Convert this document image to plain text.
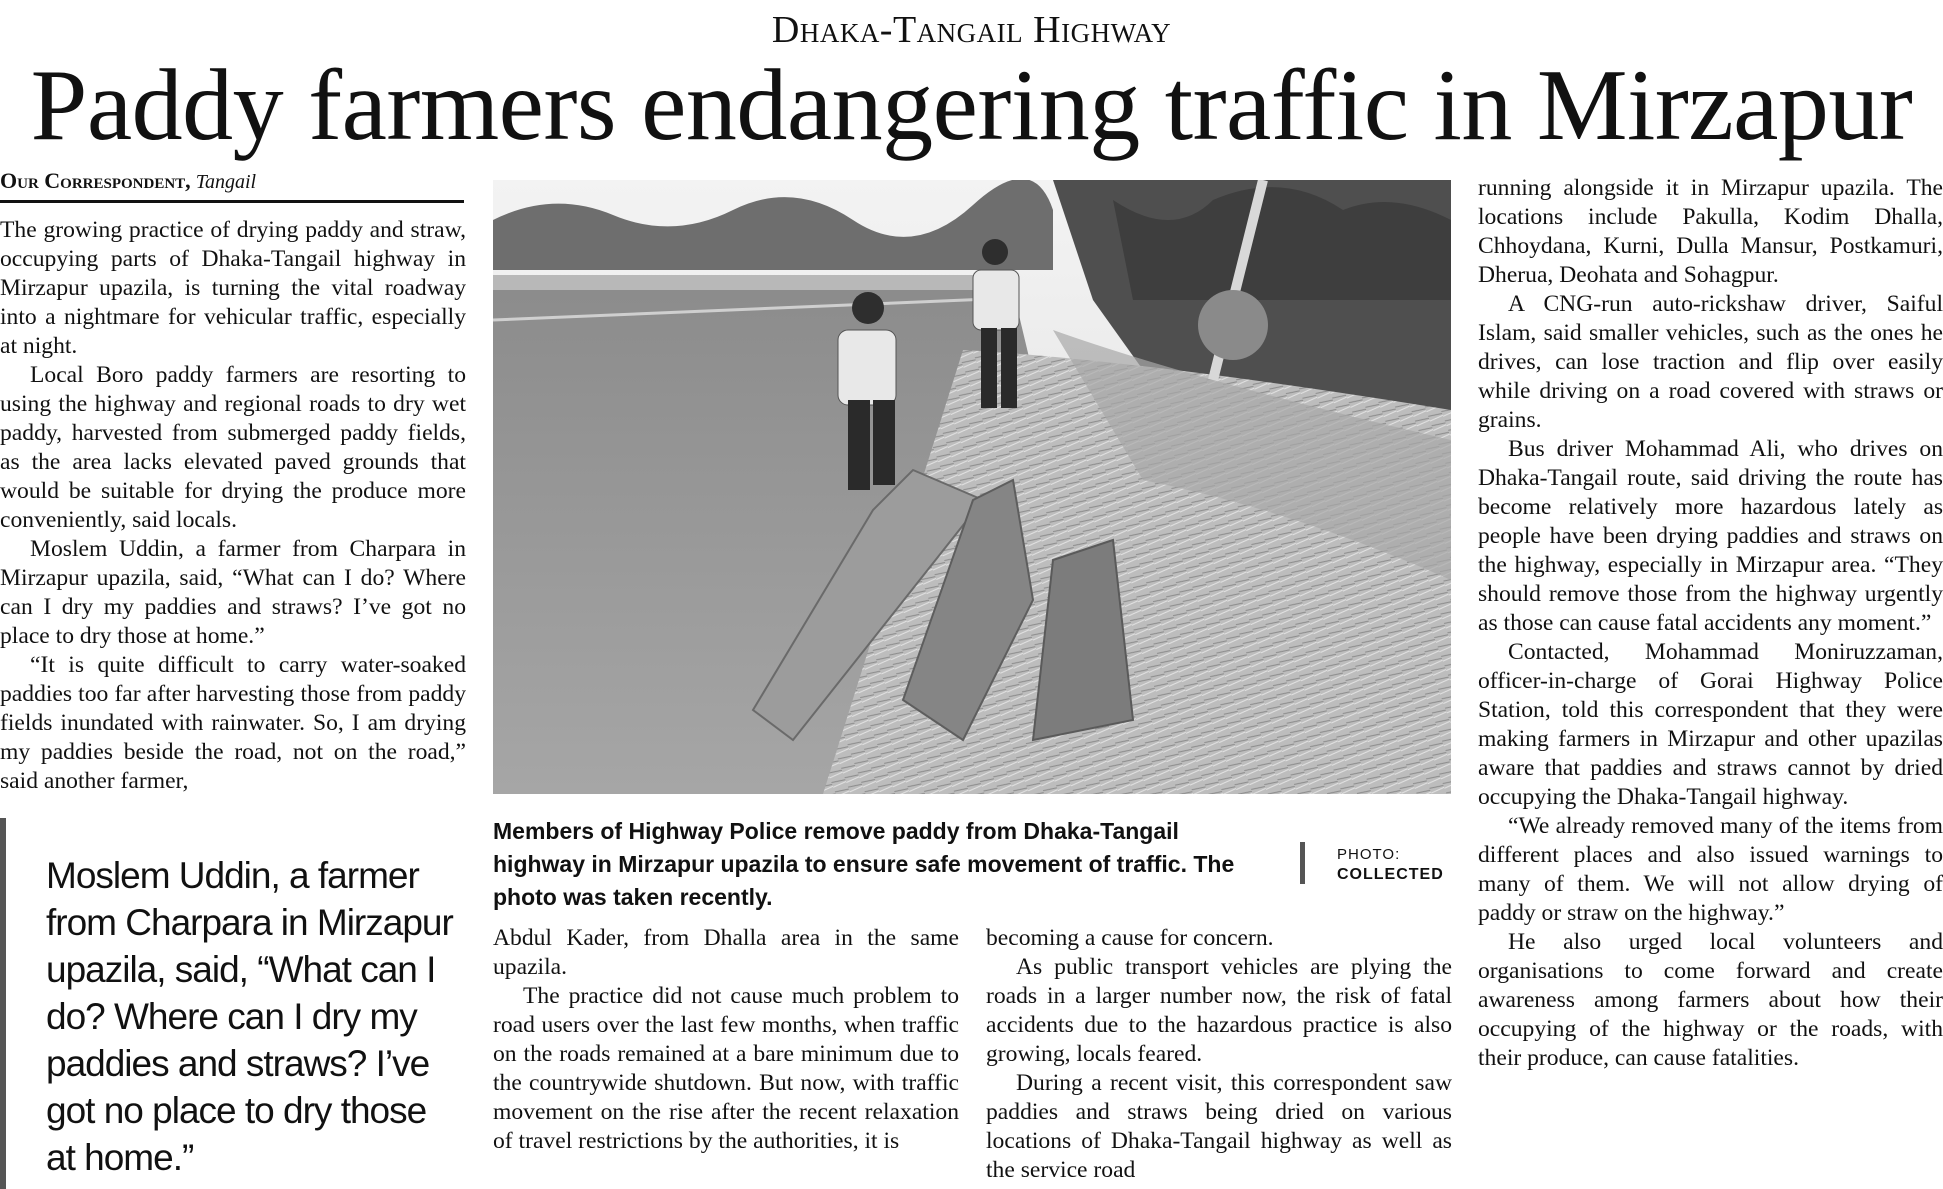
Dhaka-Tangail Highway
Paddy farmers endangering traffic in Mirzapur
Our Correspondent, Tangail

The growing practice of drying paddy and straw, occupying parts of Dhaka-Tangail highway in Mirzapur upazila, is turning the vital roadway into a nightmare for vehicular traffic, especially at night.

Local Boro paddy farmers are resorting to using the highway and regional roads to dry wet paddy, harvested from submerged paddy fields, as the area lacks elevated paved grounds that would be suitable for drying the produce more conveniently, said locals.

Moslem Uddin, a farmer from Charpara in Mirzapur upazila, said, “What can I do? Where can I dry my paddies and straws? I’ve got no place to dry those at home.”

“It is quite difficult to carry water-soaked paddies too far after harvesting those from paddy fields inundated with rainwater. So, I am drying my paddies beside the road, not on the road,” said another farmer,

Moslem Uddin, a farmer from Charpara in Mirzapur upazila, said, “What can I do? Where can I dry my paddies and straws? I’ve got no place to dry those at home.”
Members of Highway Police remove paddy from Dhaka-Tangail highway in Mirzapur upazila to ensure safe movement of traffic. The photo was taken recently.
PHOTO:
COLLECTED

Abdul Kader, from Dhalla area in the same upazila.

The practice did not cause much problem to road users over the last few months, when traffic on the roads remained at a bare minimum due to the countrywide shutdown. But now, with traffic movement on the rise after the recent relaxation of travel restrictions by the authorities, it is

becoming a cause for concern.

As public transport vehicles are plying the roads in a larger number now, the risk of fatal accidents due to the hazardous practice is also growing, locals feared.

During a recent visit, this correspondent saw paddies and straws being dried on various locations of Dhaka-Tangail highway as well as the service road

running alongside it in Mirzapur upazila. The locations include Pakulla, Kodim Dhalla, Chhoydana, Kurni, Dulla Mansur, Postkamuri, Dherua, Deohata and Sohagpur.

A CNG-run auto-rickshaw driver, Saiful Islam, said smaller vehicles, such as the ones he drives, can lose traction and flip over easily while driving on a road covered with straws or grains.

Bus driver Mohammad Ali, who drives on Dhaka-Tangail route, said driving the route has become relatively more hazardous lately as people have been drying paddies and straws on the highway, especially in Mirzapur area. “They should remove those from the highway urgently as those can cause fatal accidents any moment.”

Contacted, Mohammad Moniruzzaman, officer-in-charge of Gorai Highway Police Station, told this correspondent that they were making farmers in Mirzapur and other upazilas aware that paddies and straws cannot by dried occupying the Dhaka-Tangail highway.

“We already removed many of the items from different places and also issued warnings to many of them. We will not allow drying of paddy or straw on the highway.”

He also urged local volunteers and organisations to come forward and create awareness among farmers about how their occupying of the highway or the roads, with their produce, can cause fatalities.
